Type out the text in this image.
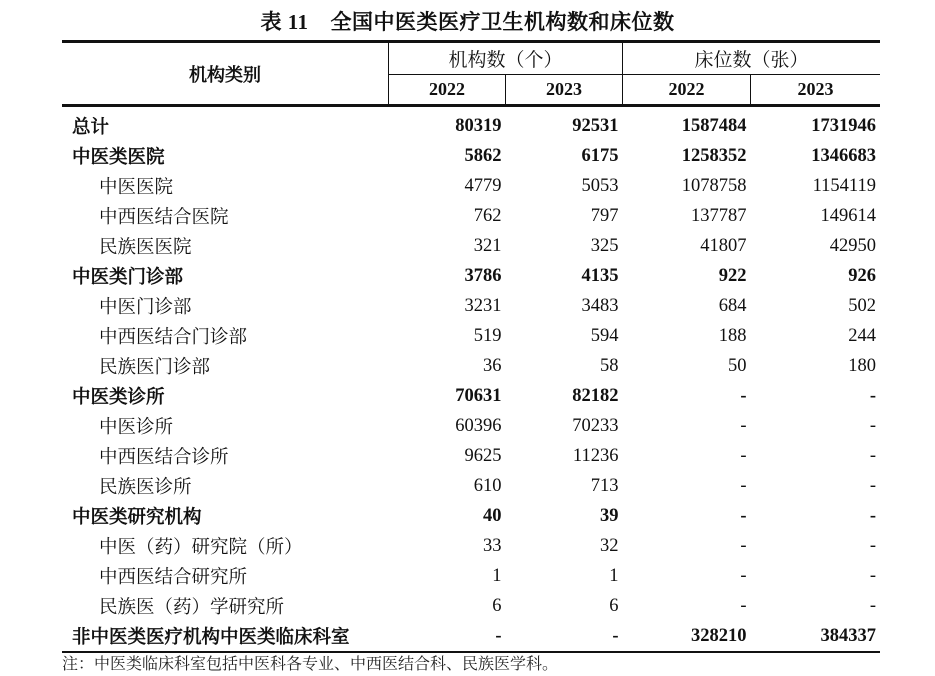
表 11 全国中医类医疗卫生机构数和床位数
机构类别	机构数（个）		床位数（张）	
	2022	2023	2022	2023
总计	80319	92531	1587484	1731946
中医类医院	5862	6175	1258352	1346683
中医医院	4779	5053	1078758	1154119
中西医结合医院	762	797	137787	149614
民族医医院	321	325	41807	42950
中医类门诊部	3786	4135	922	926
中医门诊部	3231	3483	684	502
中西医结合门诊部	519	594	188	244
民族医门诊部	36	58	50	180
中医类诊所	70631	82182	-	-
中医诊所	60396	70233	-	-
中西医结合诊所	9625	11236	-	-
民族医诊所	610	713	-	-
中医类研究机构	40	39	-	-
中医（药）研究院（所）	33	32	-	-
中西医结合研究所	1	1	-	-
民族医（药）学研究所	6	6	-	-
非中医类医疗机构中医类临床科室	-	-	328210	384337
注：中医类临床科室包括中医科各专业、中西医结合科、民族医学科。
